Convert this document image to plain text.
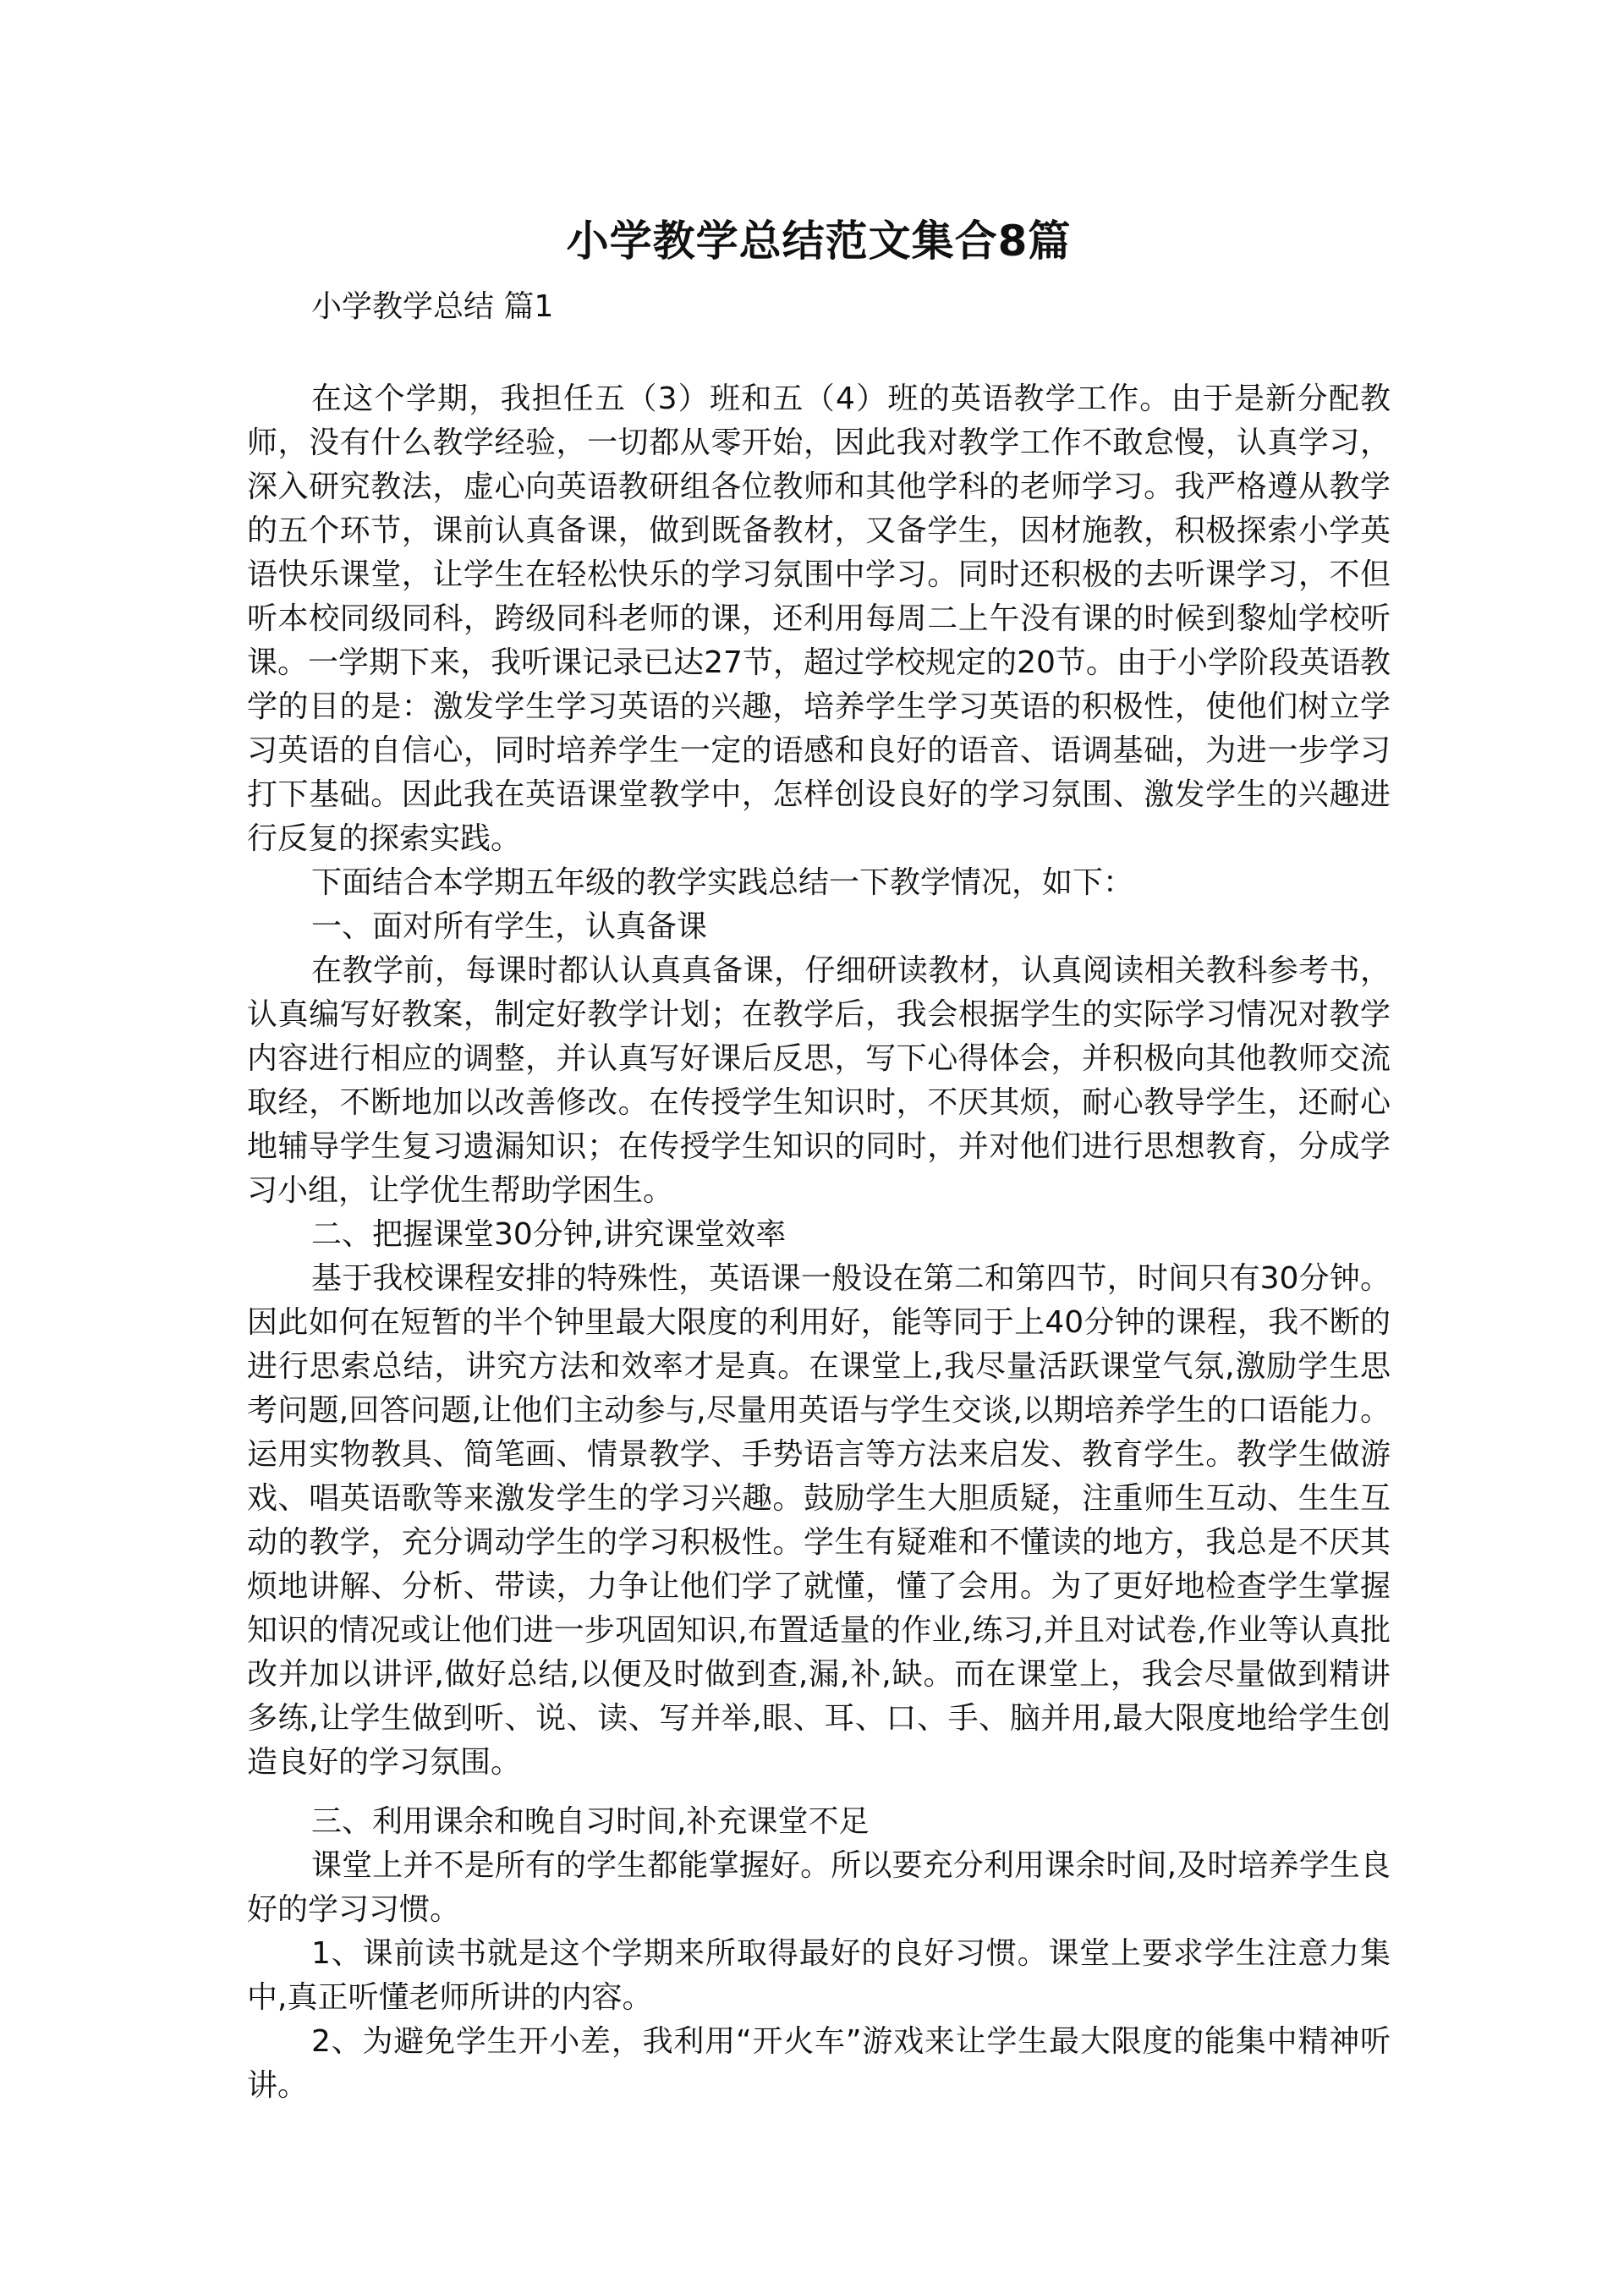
小学教学总结范文集合8篇
小学教学总结 篇1

在这个学期，我担任五（3）班和五（4）班的英语教学工作。由于是新分配教师，没有什么教学经验，一切都从零开始，因此我对教学工作不敢怠慢，认真学习，深入研究教法，虚心向英语教研组各位教师和其他学科的老师学习。我严格遵从教学的五个环节，课前认真备课，做到既备教材，又备学生，因材施教，积极探索小学英语快乐课堂，让学生在轻松快乐的学习氛围中学习。同时还积极的去听课学习，不但听本校同级同科，跨级同科老师的课，还利用每周二上午没有课的时候到黎灿学校听课。一学期下来，我听课记录已达27节，超过学校规定的20节。由于小学阶段英语教学的目的是：激发学生学习英语的兴趣，培养学生学习英语的积极性，使他们树立学习英语的自信心，同时培养学生一定的语感和良好的语音、语调基础，为进一步学习打下基础。因此我在英语课堂教学中，怎样创设良好的学习氛围、激发学生的兴趣进行反复的探索实践。

下面结合本学期五年级的教学实践总结一下教学情况，如下：

一、面对所有学生，认真备课

在教学前，每课时都认认真真备课，仔细研读教材，认真阅读相关教科参考书，认真编写好教案，制定好教学计划；在教学后，我会根据学生的实际学习情况对教学内容进行相应的调整，并认真写好课后反思，写下心得体会，并积极向其他教师交流取经，不断地加以改善修改。在传授学生知识时，不厌其烦，耐心教导学生，还耐心地辅导学生复习遗漏知识；在传授学生知识的同时，并对他们进行思想教育，分成学习小组，让学优生帮助学困生。

二、把握课堂30分钟,讲究课堂效率

基于我校课程安排的特殊性，英语课一般设在第二和第四节，时间只有30分钟。因此如何在短暂的半个钟里最大限度的利用好，能等同于上40分钟的课程，我不断的进行思索总结，讲究方法和效率才是真。在课堂上,我尽量活跃课堂气氛,激励学生思考问题,回答问题,让他们主动参与,尽量用英语与学生交谈,以期培养学生的口语能力。运用实物教具、简笔画、情景教学、手势语言等方法来启发、教育学生。教学生做游戏、唱英语歌等来激发学生的学习兴趣。鼓励学生大胆质疑，注重师生互动、生生互动的教学，充分调动学生的学习积极性。学生有疑难和不懂读的地方，我总是不厌其烦地讲解、分析、带读，力争让他们学了就懂，懂了会用。为了更好地检查学生掌握知识的情况或让他们进一步巩固知识,布置适量的作业,练习,并且对试卷,作业等认真批改并加以讲评,做好总结,以便及时做到查,漏,补,缺。而在课堂上，我会尽量做到精讲多练,让学生做到听、说、读、写并举,眼、耳、口、手、脑并用,最大限度地给学生创造良好的学习氛围。

三、利用课余和晚自习时间,补充课堂不足

课堂上并不是所有的学生都能掌握好。所以要充分利用课余时间,及时培养学生良好的学习习惯。

1、课前读书就是这个学期来所取得最好的良好习惯。课堂上要求学生注意力集中,真正听懂老师所讲的内容。

2、为避免学生开小差，我利用“开火车”游戏来让学生最大限度的能集中精神听讲。
